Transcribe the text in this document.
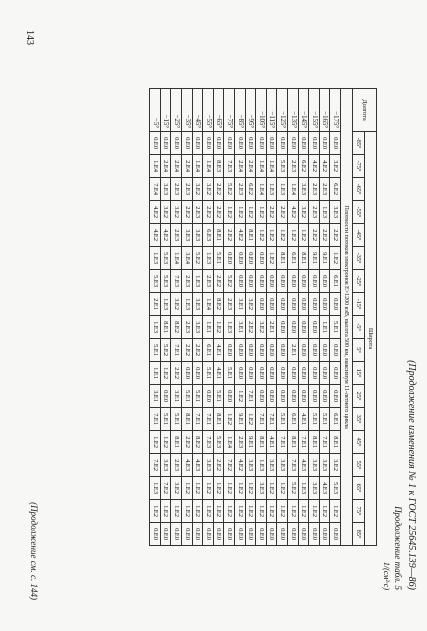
(Продолжение изменения № 1 к ГОСТ 25645.139—86)
Продолжение табл. 5
1/(см²·с)
Долгота	Широта																	
	-85°	-75°	-65°	-55°	-45°	-35°	-25°	-15°	-5°	5°	15°	25°	35°	45°	55°	65°	75°	85°
Плотности потоков электронов E>1200 кэВ, высота 500 км, максимум 11-летнего цикла																		
−175°	0.E0	3.E2	6.E2	3.E3	2.E2	1.E2	6.E1	0.E0	5.E1	0.E0	0.E0	0.E0	6.E1	8.E1	3.E2	5.E3	1.E2	0.E0
−165°	0.E0	4.E2	2.E3	1.E3	2.E2	9.E1	0.E0	0.E0	1.E1	0.E0	0.E0	0.E0	5.E1	7.E1	3.E3	4.E3	1.E2	0.E0
−155°	0.E0	4.E2	2.E3	2.E3	2.E2	9.E1	0.E0	0.E0	0.E0	0.E0	0.E0	0.E0	5.E1	8.E1	3.E3	3.E3	1.E2	0.E0
−145°	0.E0	6.E2	3.E3	3.E2	1.E2	8.E1	0.E0	0.E0	0.E0	0.E0	0.E0	0.E0	4.E1	7.E1	4.E3	1.E3	1.E2	0.E0
−135°	0.E0	2.E3	1.E4	4.E2	1.E2	6.E1	0.E0	0.E0	0.E0	2.E1	0.E0	0.E0	6.E1	8.E1	7.E3	5.E2	1.E2	0.E0
−125°	0.E0	5.E3	1.E3	2.E2	1.E2	8.E1	0.E0	0.E0	0.E0	0.E0	0.E0	0.E0	5.E1	7.E1	3.E3	1.E2	1.E2	0.E0
−115°	0.E0	1.E4	1.E3	2.E2	1.E2	1.E2	0.E0	0.E0	2.E1	0.E0	0.E0	0.E0	7.E1	4.E1	3.E3	1.E2	1.E2	0.E0
−105°	0.E0	1.E4	1.E4	1.E2	1.E2	0.E0	0.E0	0.E0	3.E2	0.E0	0.E0	0.E0	7.E1	8.E1	1.E3	3.E3	1.E2	0.E0
−95°	0.E0	2.E4	6.E2	1.E2	8.E1	0.E0	0.E0	3.E2	2.E2	0.E0	0.E0	7.E1	1.E2	9.E1	3.E3	1.E2	1.E2	0.E0
−85°	0.E0	2.E4	2.E3	1.E2	4.E2	0.E0	0.E0	3.E1	3.E1	0.E0	0.E0	1.E2	9.E1	2.E3	4.E2	1.E2	1.E2	0.E0
−75°	0.E0	7.E3	5.E2	1.E2	2.E2	0.E0	5.E2	2.E3	1.E3	0.E0	5.E1	0.E0	1.E2	1.E4	7.E2	1.E2	1.E2	0.E0
−65°	0.E0	8.E3	2.E2	2.E2	8.E1	5.E1	2.E2	8.E2	1.E2	4.E1	4.E1	5.E1	8.E1	5.E3	2.E2	1.E2	1.E2	0.E0
−55°	0.E0	1.E4	3.E2	2.E2	6.E3	1.E3	2.E3	1.E4	1.E1	6.E1	5.E1	0.E0	7.E1	7.E3	3.E3	1.E2	1.E2	0.E0
−45°	0.E0	1.E4	3.E2	2.E3	3.E3	5.E2	1.E3	3.E3	3.E3	2.E2	0.E0	5.E1	7.E1	8.E2	4.E3	1.E2	1.E2	0.E0
−35°	0.E0	2.E4	2.E3	2.E2	3.E3	3.E4	2.E3	1.E3	2.E3	2.E2	0.E0	5.E1	8.E1	2.E2	4.E3	1.E2	1.E2	0.E0
−25°	0.E0	2.E4	2.E3	3.E2	2.E3	1.E4	7.E3	3.E2	8.E2	7.E1	2.E2	3.E1	5.E1	8.E1	2.E3	3.E2	1.E2	0.E0
−15°	0.E0	2.E4	3.E3	3.E2	4.E2	5.E3	5.E3	1.E3	8.E1	5.E2	1.E2	0.E0	5.E1	1.E2	3.E3	7.E2	1.E2	0.E0
−5°	0.E0	1.E4	7.E4	4.E2	4.E2	1.E3	5.E3	2.E1	1.E3	5.E1	1.E1	3.E1	7.E1	1.E2	7.E2	1.E3	1.E2	0.E0
143
(Продолжение см. с. 144)
